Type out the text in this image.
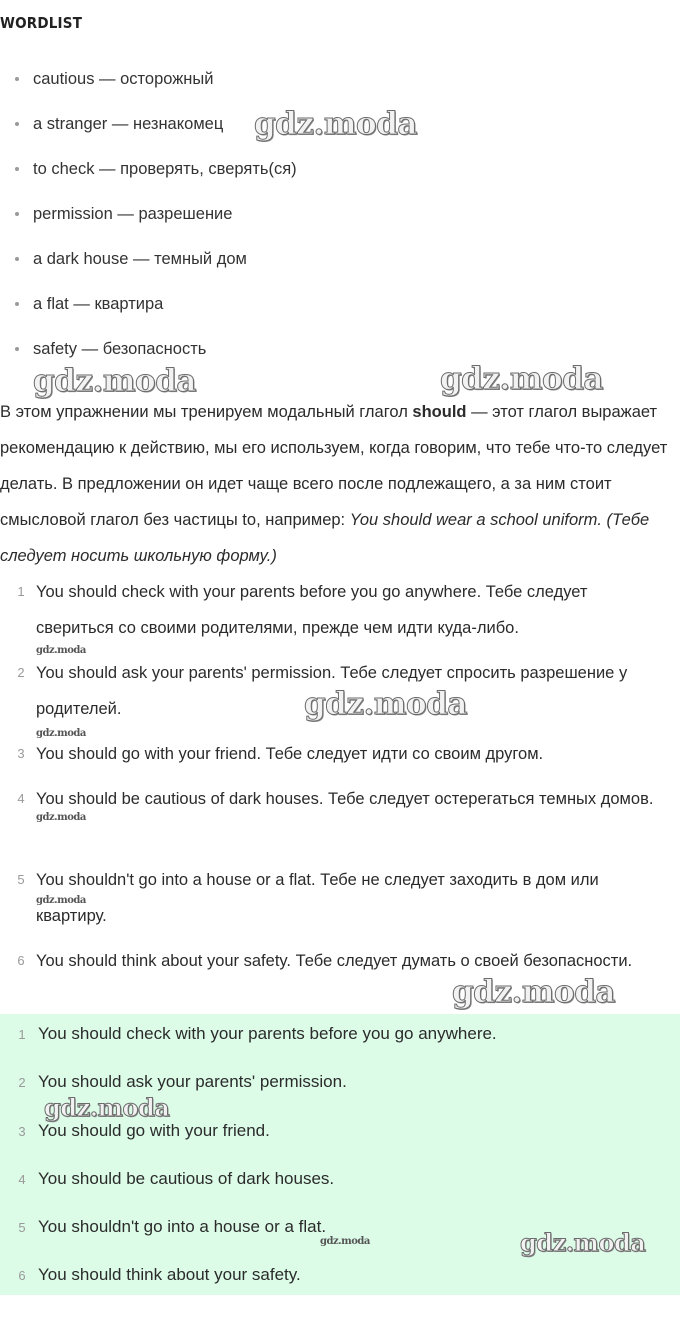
WORDLIST
cautious — осторожный
a stranger — незнакомец
to check — проверять, сверять(ся)
permission — разрешение
a dark house — темный дом
a flat — квартира
safety — безопасность
В этом упражнении мы тренируем модальный глагол should — этот глагол выражает рекомендацию к действию, мы его используем, когда говорим, что тебе что-то следует делать. В предложении он идет чаще всего после подлежащего, а за ним стоит смысловой глагол без частицы to, например: You should wear a school uniform. (Тебе следует носить школьную форму.)
1 You should check with your parents before you go anywhere. Тебе следует свериться со своими родителями, прежде чем идти куда-либо.
2 You should ask your parents' permission. Тебе следует спросить разрешение у родителей.
3 You should go with your friend. Тебе следует идти со своим другом.
4 You should be cautious of dark houses. Тебе следует остерегаться темных домов.
5 You shouldn't go into a house or a flat. Тебе не следует заходить в дом или квартиру.
6 You should think about your safety. Тебе следует думать о своей безопасности.
1 You should check with your parents before you go anywhere.
2 You should ask your parents' permission.
3 You should go with your friend.
4 You should be cautious of dark houses.
5 You shouldn't go into a house or a flat.
6 You should think about your safety.
gdz.moda
gdz.moda	gdz.moda
gdz.moda
gdz.moda
gdz.moda
gdz.moda
gdz.moda
gdz.moda
gdz.moda
gdz.moda	gdz.moda
